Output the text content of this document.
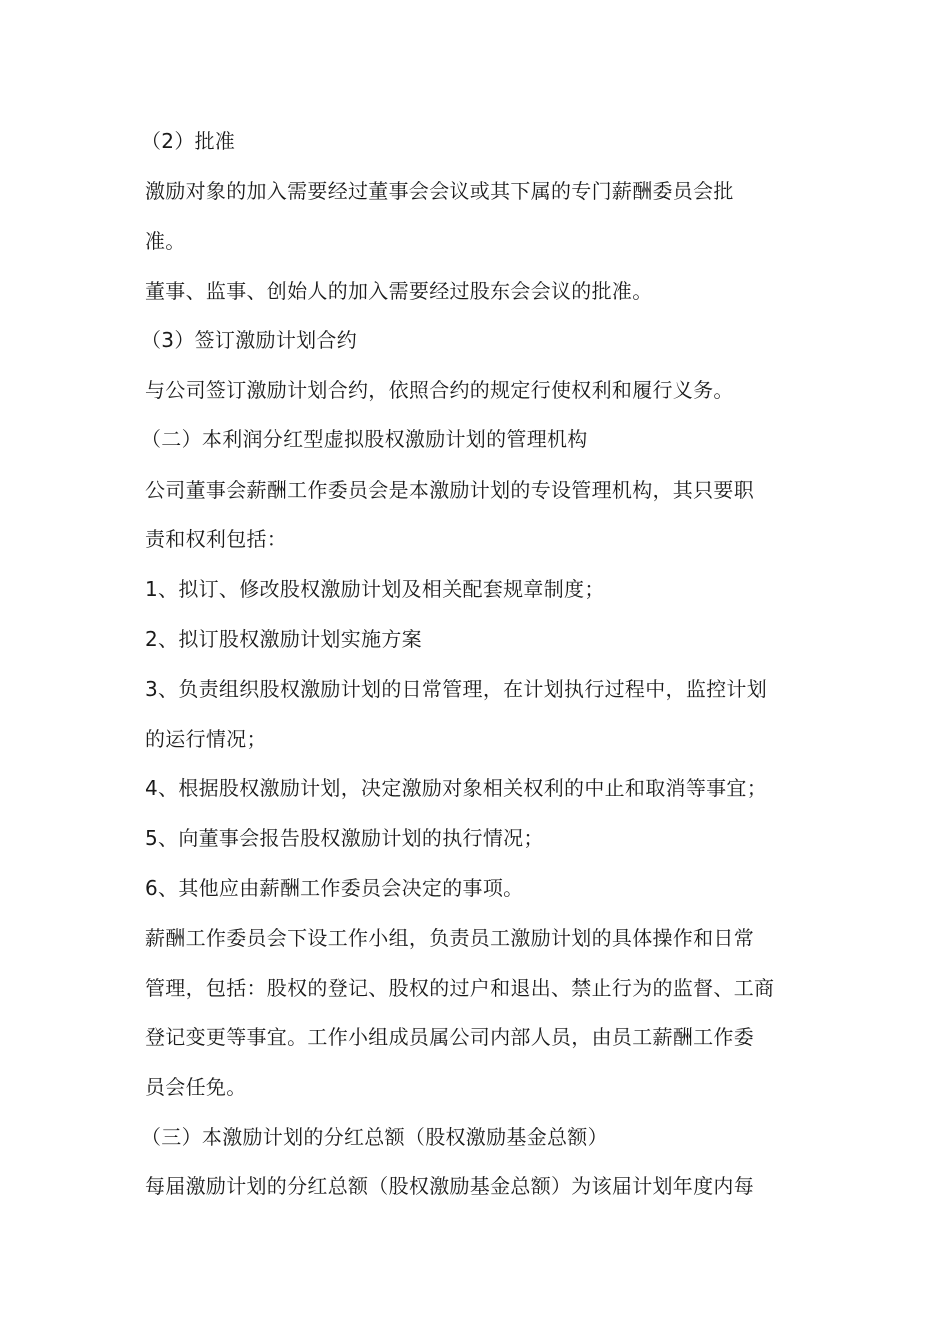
（2）批准
激励对象的加入需要经过董事会会议或其下属的专门薪酬委员会批
准。
董事、监事、创始人的加入需要经过股东会会议的批准。
（3）签订激励计划合约
与公司签订激励计划合约，依照合约的规定行使权利和履行义务。
（二）本利润分红型虚拟股权激励计划的管理机构
公司董事会薪酬工作委员会是本激励计划的专设管理机构，其只要职
责和权利包括：
1、拟订、修改股权激励计划及相关配套规章制度；
2、拟订股权激励计划实施方案
3、负责组织股权激励计划的日常管理，在计划执行过程中，监控计划
的运行情况；
4、根据股权激励计划，决定激励对象相关权利的中止和取消等事宜；
5、向董事会报告股权激励计划的执行情况；
6、其他应由薪酬工作委员会决定的事项。
薪酬工作委员会下设工作小组，负责员工激励计划的具体操作和日常
管理，包括：股权的登记、股权的过户和退出、禁止行为的监督、工商
登记变更等事宜。工作小组成员属公司内部人员，由员工薪酬工作委
员会任免。
（三）本激励计划的分红总额（股权激励基金总额）
每届激励计划的分红总额（股权激励基金总额）为该届计划年度内每
